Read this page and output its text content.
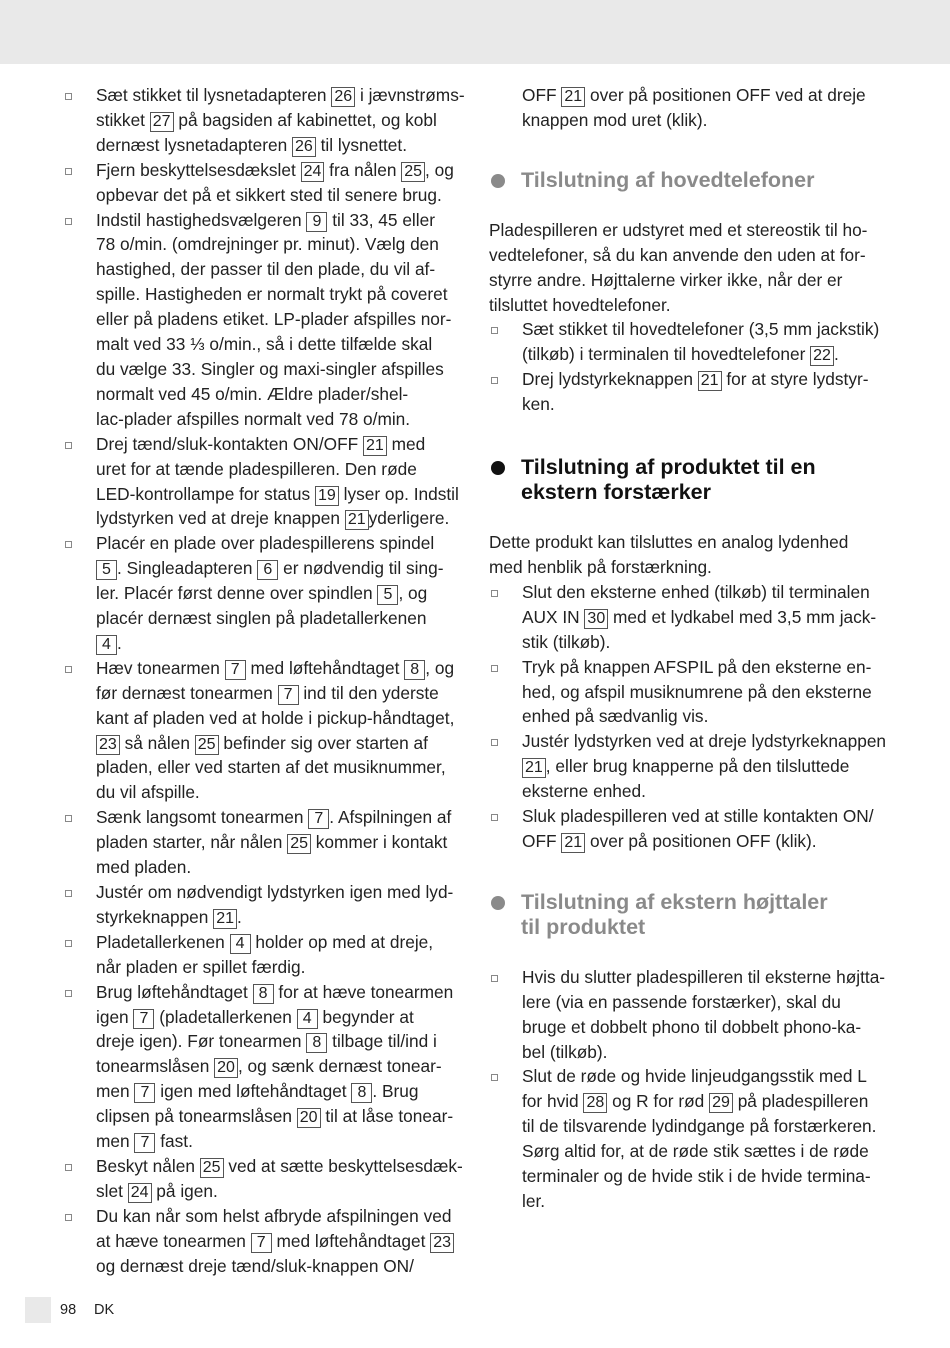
Sæt stikket til lysnetadapteren 26 i jævnstrøms-
stikket 27 på bagsiden af kabinettet, og kobl
dernæst lysnetadapteren 26 til lysnettet.
Fjern beskyttelsesdækslet 24 fra nålen 25 , og
opbevar det på et sikkert sted til senere brug.
Indstil hastighedsvælgeren 9 til 33, 45 eller
78 o/min. (omdrejninger pr. minut). Vælg den
hastighed, der passer til den plade, du vil af-
spille. Hastigheden er normalt trykt på coveret
eller på pladens etiket. LP-plader afspilles nor-
malt ved 33 ⅓ o/min., så i dette tilfælde skal
du vælge 33. Singler og maxi-singler afspilles
normalt ved 45 o/min. Ældre plader/shel-
lac-plader afspilles normalt ved 78 o/min.
Drej tænd/sluk-kontakten ON/OFF 21 med
uret for at tænde pladespilleren. Den røde
LED-kontrollampe for status 19 lyser op. Indstil
lydstyrken ved at dreje knappen 21 yderligere.
Placér en plade over pladespillerens spindel
5 . Singleadapteren 6 er nødvendig til sing-
ler. Placér først denne over spindlen 5 , og
placér dernæst singlen på pladetallerkenen
4 .
Hæv tonearmen 7 med løftehåndtaget 8 , og
før dernæst tonearmen 7 ind til den yderste
kant af pladen ved at holde i pickup-håndtaget,
23 så nålen 25 befinder sig over starten af
pladen, eller ved starten af det musiknummer,
du vil afspille.
Sænk langsomt tonearmen 7 . Afspilningen af
pladen starter, når nålen 25 kommer i kontakt
med pladen.
Justér om nødvendigt lydstyrken igen med lyd-
styrkeknappen 21 .
Pladetallerkenen 4 holder op med at dreje,
når pladen er spillet færdig.
Brug løftehåndtaget 8 for at hæve tonearmen
igen 7 (pladetallerkenen 4 begynder at
dreje igen). Før tonearmen 8 tilbage til/ind i
tonearmslåsen 20 , og sænk dernæst tonear-
men 7 igen med løftehåndtaget 8 . Brug
clipsen på tonearmslåsen 20 til at låse tonear-
men 7 fast.
Beskyt nålen 25 ved at sætte beskyttelsesdæk-
slet 24 på igen.
Du kan når som helst afbryde afspilningen ved
at hæve tonearmen 7 med løftehåndtaget 23
og dernæst dreje tænd/sluk-knappen ON/
OFF 21 over på positionen OFF ved at dreje
knappen mod uret (klik).
Tilslutning af hovedtelefoner

Pladespilleren er udstyret med et stereostik til ho-
vedtelefoner, så du kan anvende den uden at for-
styrre andre. Højttalerne virker ikke, når der er
tilsluttet hovedtelefoner.

Sæt stikket til hovedtelefoner (3,5 mm jackstik)
(tilkøb) i terminalen til hovedtelefoner 22 .
Drej lydstyrkeknappen 21 for at styre lydstyr-
ken.
Tilslutning af produktet til en
ekstern forstærker

Dette produkt kan tilsluttes en analog lydenhed
med henblik på forstærkning.

Slut den eksterne enhed (tilkøb) til terminalen
AUX IN 30 med et lydkabel med 3,5 mm jack-
stik (tilkøb).
Tryk på knappen AFSPIL på den eksterne en-
hed, og afspil musiknumrene på den eksterne
enhed på sædvanlig vis.
Justér lydstyrken ved at dreje lydstyrkeknappen
21 , eller brug knapperne på den tilsluttede
eksterne enhed.
Sluk pladespilleren ved at stille kontakten ON/
OFF 21 over på positionen OFF (klik).
Tilslutning af ekstern højttaler
til produktet
Hvis du slutter pladespilleren til eksterne højtta-
lere (via en passende forstærker), skal du
bruge et dobbelt phono til dobbelt phono-ka-
bel (tilkøb).
Slut de røde og hvide linjeudgangsstik med L
for hvid 28 og R for rød 29 på pladespilleren
til de tilsvarende lydindgange på forstærkeren.
Sørg altid for, at de røde stik sættes i de røde
terminaler og de hvide stik i de hvide termina-
ler.
98 DK
